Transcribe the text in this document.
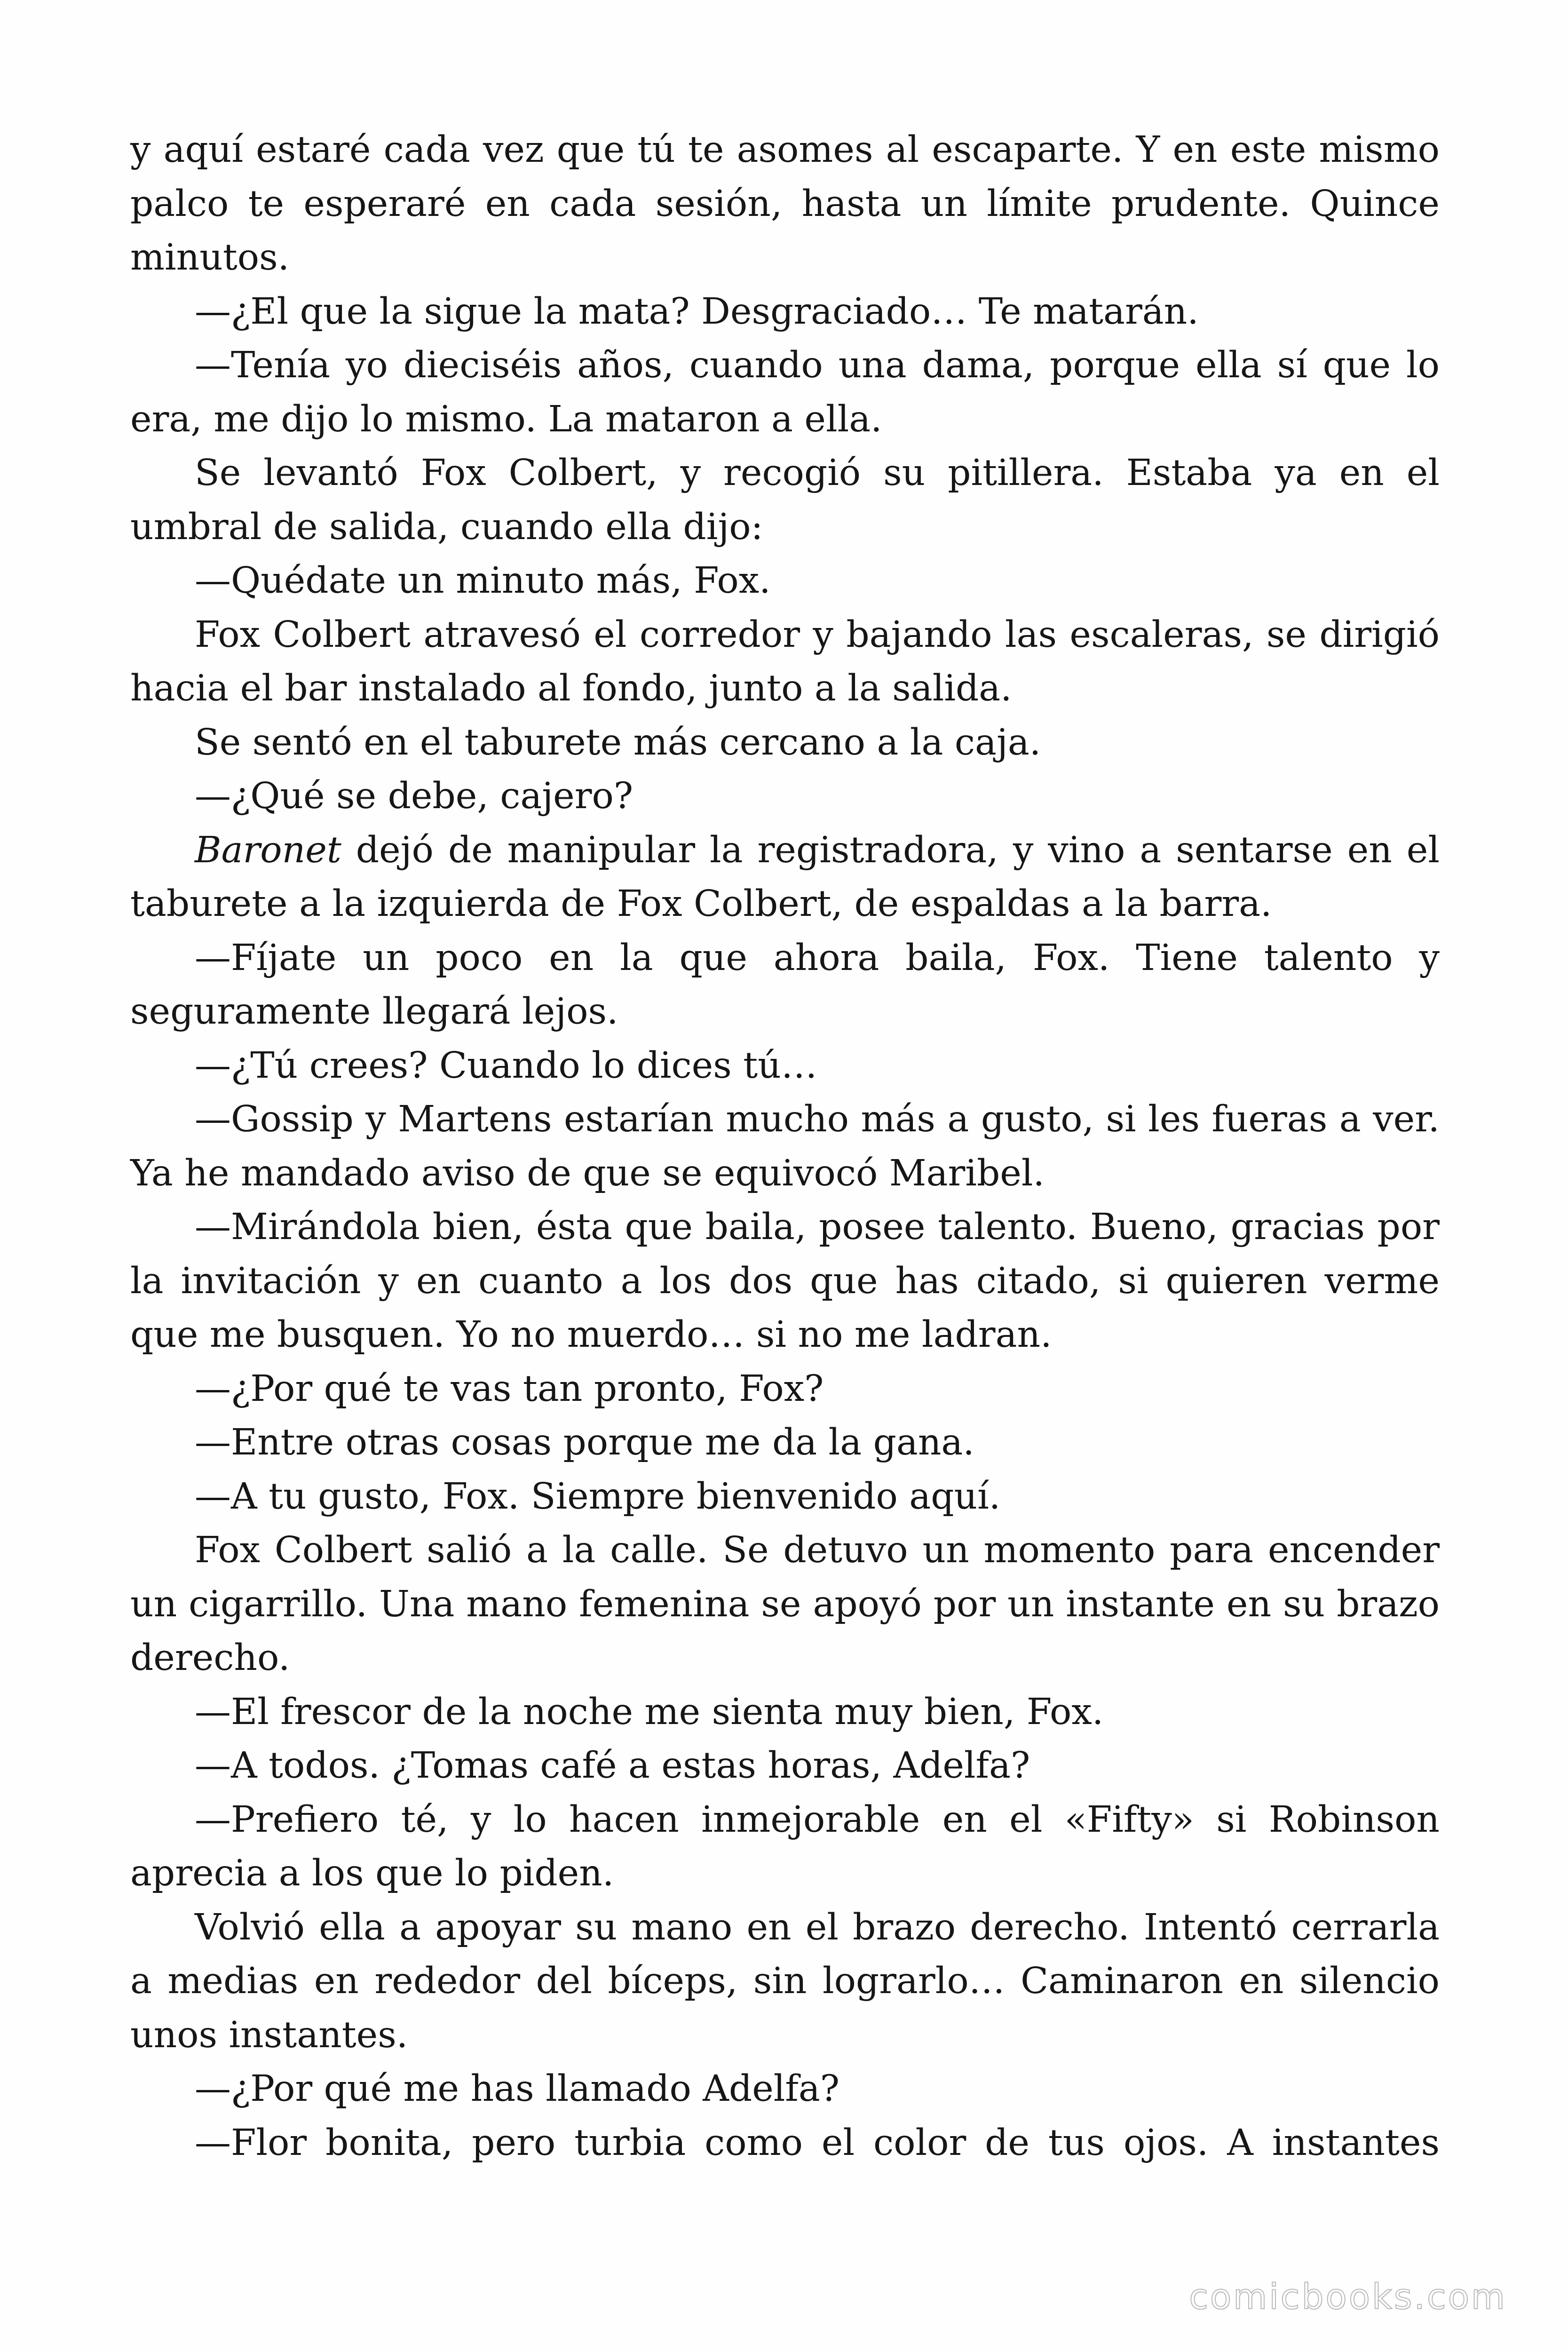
y aquí estaré cada vez que tú te asomes al escaparte. Y en este mismo palco te esperaré en cada sesión, hasta un límite prudente. Quince minutos.

—¿El que la sigue la mata? Desgraciado… Te matarán.

—Tenía yo dieciséis años, cuando una dama, porque ella sí que lo era, me dijo lo mismo. La mataron a ella.

Se levantó Fox Colbert, y recogió su pitillera. Estaba ya en el umbral de salida, cuando ella dijo:

—Quédate un minuto más, Fox.

Fox Colbert atravesó el corredor y bajando las escaleras, se dirigió hacia el bar instalado al fondo, junto a la salida.

Se sentó en el taburete más cercano a la caja.

—¿Qué se debe, cajero?

Baronet dejó de manipular la registradora, y vino a sentarse en el taburete a la izquierda de Fox Colbert, de espaldas a la barra.

—Fíjate un poco en la que ahora baila, Fox. Tiene talento y seguramente llegará lejos.

—¿Tú crees? Cuando lo dices tú…

—Gossip y Martens estarían mucho más a gusto, si les fueras a ver. Ya he mandado aviso de que se equivocó Maribel.

—Mirándola bien, ésta que baila, posee talento. Bueno, gracias por la invitación y en cuanto a los dos que has citado, si quieren verme que me busquen. Yo no muerdo… si no me ladran.

—¿Por qué te vas tan pronto, Fox?

—Entre otras cosas porque me da la gana.

—A tu gusto, Fox. Siempre bienvenido aquí.

Fox Colbert salió a la calle. Se detuvo un momento para encender un cigarrillo. Una mano femenina se apoyó por un instante en su brazo derecho.

—El frescor de la noche me sienta muy bien, Fox.

—A todos. ¿Tomas café a estas horas, Adelfa?

—Prefiero té, y lo hacen inmejorable en el «Fifty» si Robinson aprecia a los que lo piden.

Volvió ella a apoyar su mano en el brazo derecho. Intentó cerrarla a medias en rededor del bíceps, sin lograrlo… Caminaron en silencio unos instantes.

—¿Por qué me has llamado Adelfa?

—Flor bonita, pero turbia como el color de tus ojos. A instantes

comicbooks.com
